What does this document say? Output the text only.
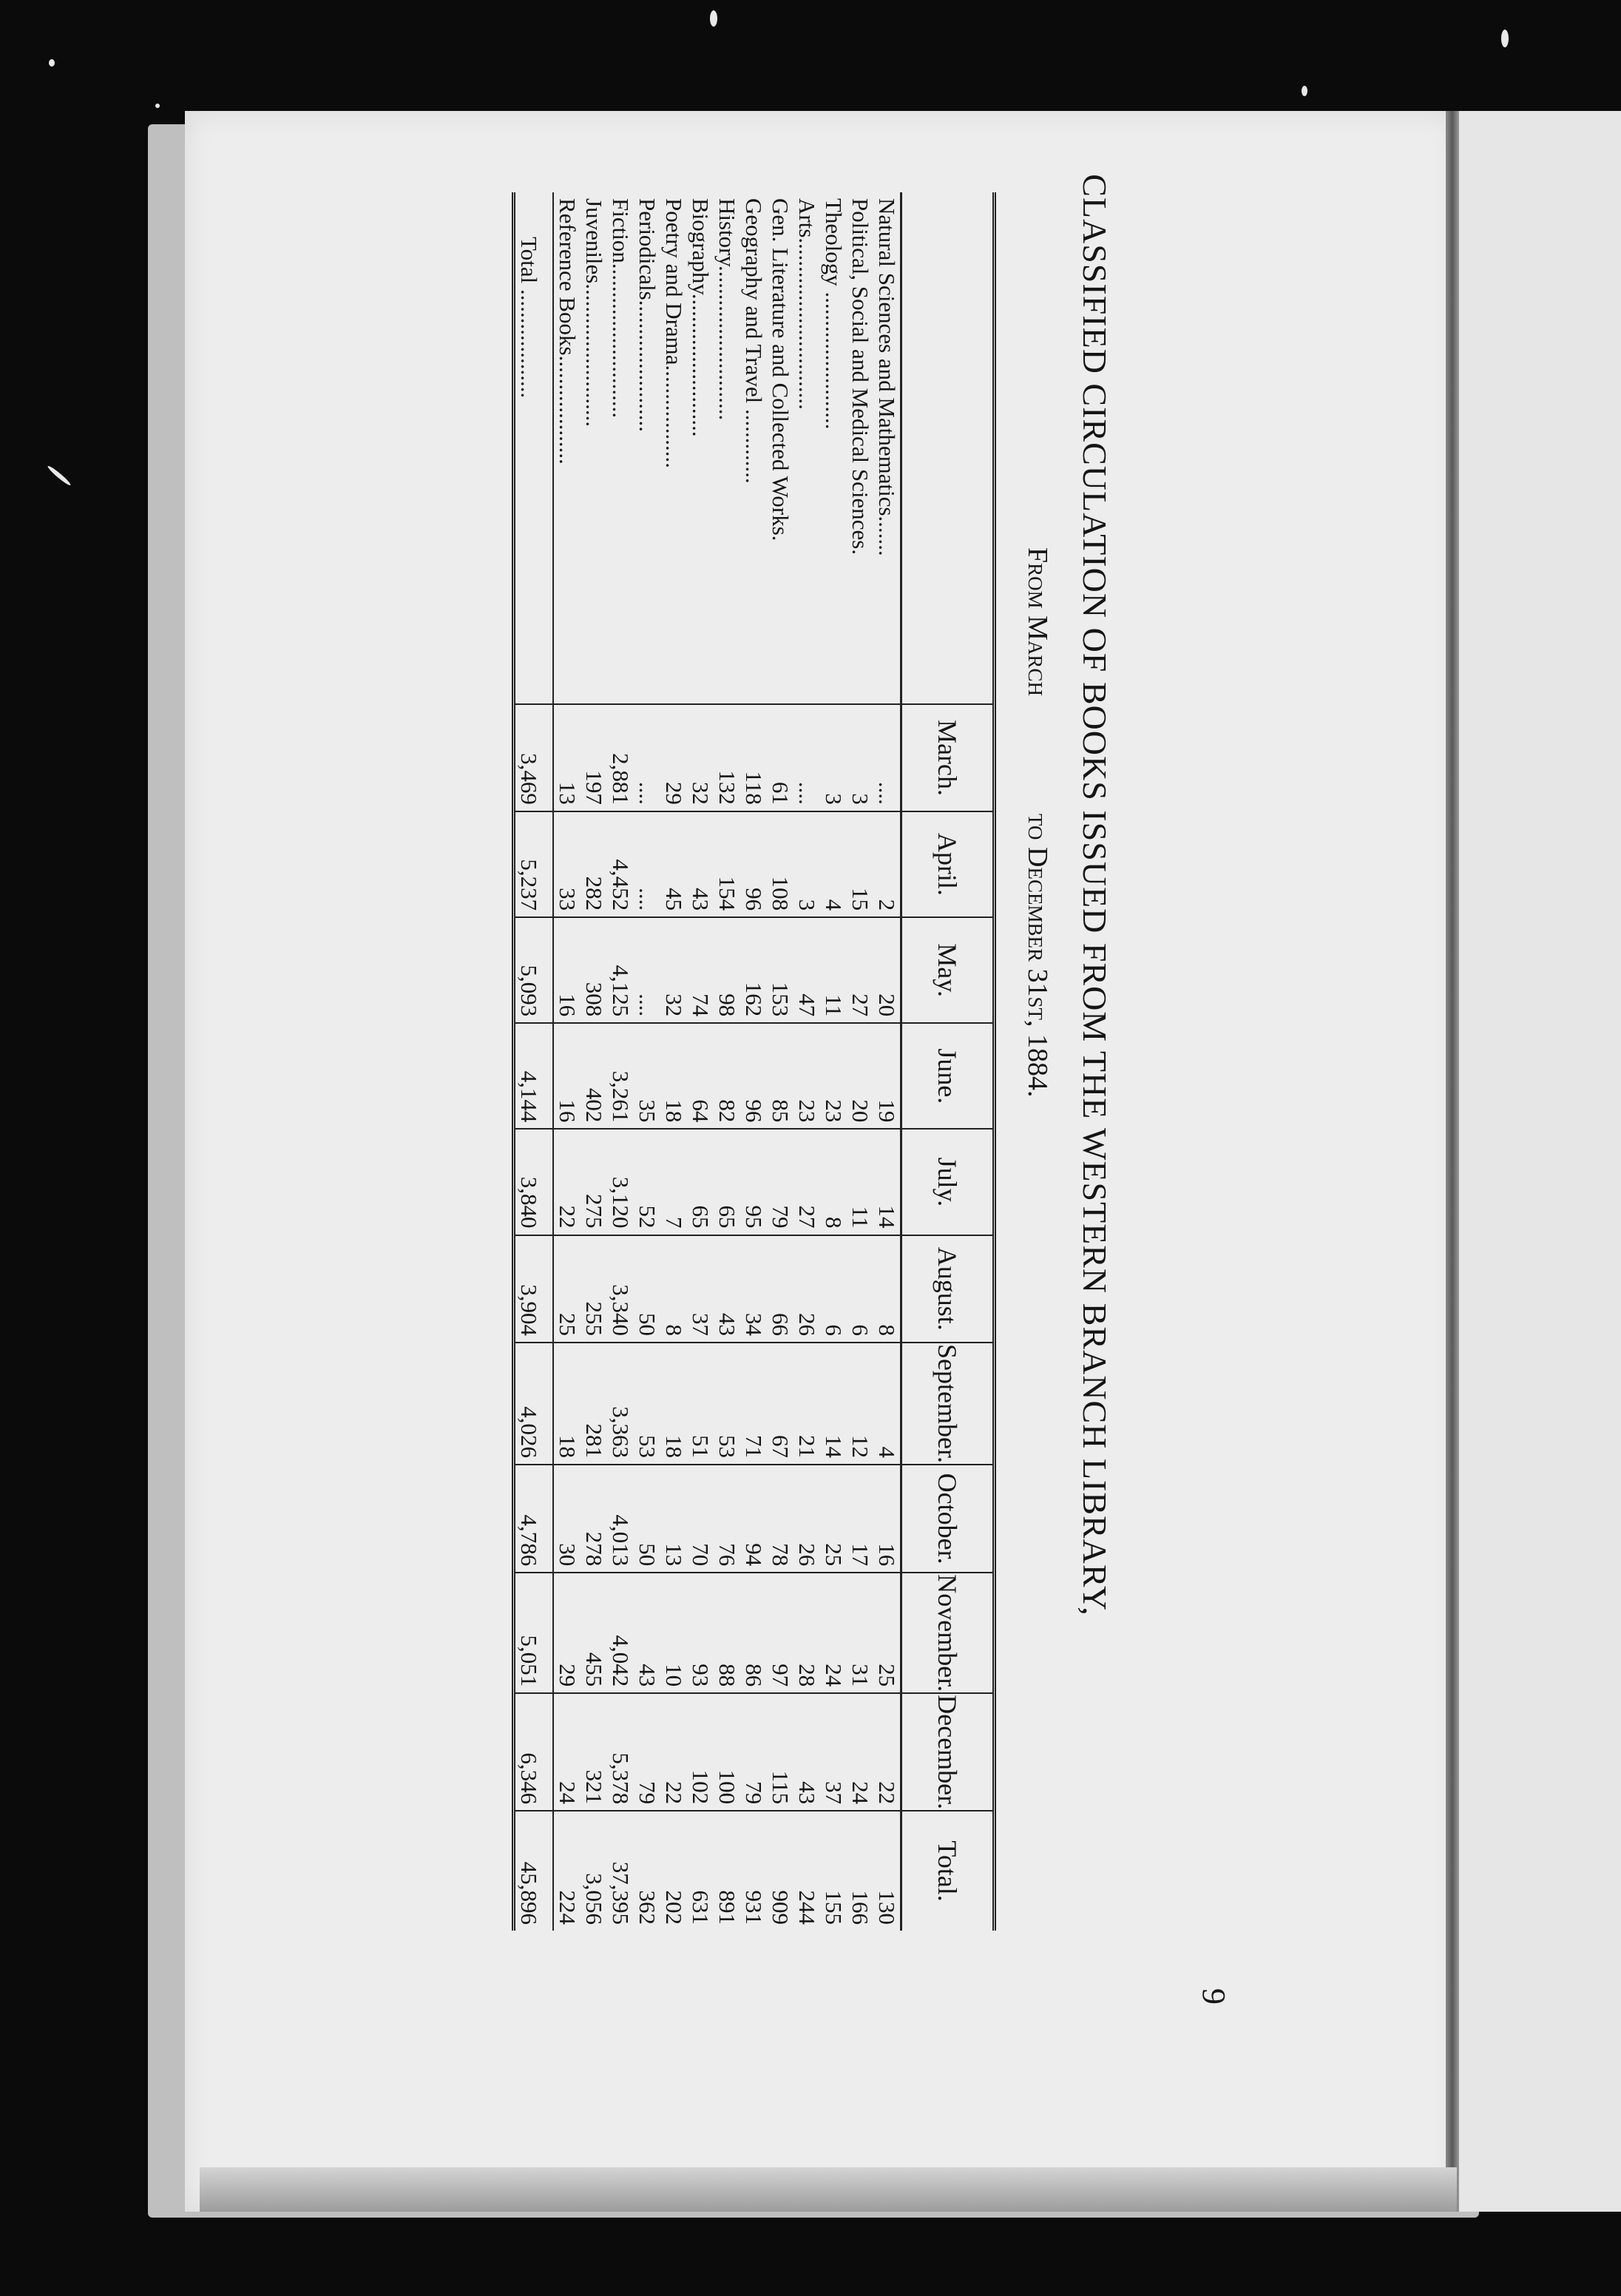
9
CLASSIFIED CIRCULATION OF BOOKS ISSUED FROM THE WESTERN BRANCH LIBRARY,
From March
to December 31st, 1884.
	March.	April.	May.	June.	July.	August.	September.	October.	November.	December.	Total.
Natural Sciences and Mathematics.......	....	2	20	19	14	8	4	16	25	22	130
Political, Social and Medical Sciences.	3	15	27	20	11	6	12	17	31	24	166
Theology ........................	3	4	11	23	8	6	14	25	24	37	155
Arts..............................	....	3	47	23	27	26	21	26	28	43	244
Gen. Literature and Collected Works.	61	108	153	85	79	66	67	78	97	115	909
Geography and Travel .............	118	96	162	96	95	34	71	94	86	79	931
History...........................	132	154	98	82	65	43	53	76	88	100	891
Biography.........................	32	43	74	64	65	37	51	70	93	102	631
Poetry and Drama..................	29	45	32	18	7	8	18	13	10	22	202
Periodicals.......................	....	....	....	35	52	50	53	50	43	79	362
Fiction...........................	2,881	4,452	4,125	3,261	3,120	3,340	3,363	4,013	4,042	5,378	37,395
Juveniles.........................	197	282	308	402	275	255	281	278	455	321	3,056
Reference Books...................	13	33	16	16	22	25	18	30	29	24	224
Total ...................	3,469	5,237	5,093	4,144	3,840	3,904	4,026	4,786	5,051	6,346	45,896
